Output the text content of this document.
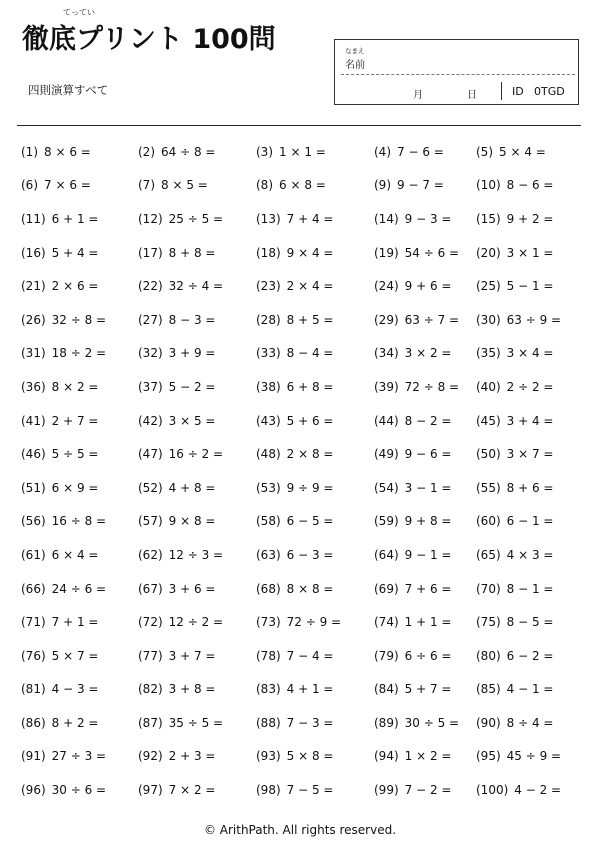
てってい
徹底プリント 100問
四則演算すべて
なまえ
名前
月	日	ID 0TGD
(1) 8 × 6 =	(2) 64 ÷ 8 =	(3) 1 × 1 =	(4) 7 − 6 =	(5) 5 × 4 =
(6) 7 × 6 =	(7) 8 × 5 =	(8) 6 × 8 =	(9) 9 − 7 =	(10) 8 − 6 =
(11) 6 + 1 =	(12) 25 ÷ 5 =	(13) 7 + 4 =	(14) 9 − 3 = (15) 9 + 2 =
(16) 5 + 4 =	(17) 8 + 8 =	(18) 9 × 4 =	(19) 54 ÷ 6 = (20) 3 × 1 =
(21) 2 × 6 =	(22) 32 ÷ 4 =	(23) 2 × 4 =	(24) 9 + 6 = (25) 5 − 1 =
(26) 32 ÷ 8 =	(27) 8 − 3 =	(28) 8 + 5 =	(29) 63 ÷ 7 = (30) 63 ÷ 9 =
(31) 18 ÷ 2 =	(32) 3 + 9 =	(33) 8 − 4 =	(34) 3 × 2 = (35) 3 × 4 =
(36) 8 × 2 =	(37) 5 − 2 =	(38) 6 + 8 =	(39) 72 ÷ 8 = (40) 2 ÷ 2 =
(41) 2 + 7 =	(42) 3 × 5 =	(43) 5 + 6 =	(44) 8 − 2 = (45) 3 + 4 =
(46) 5 ÷ 5 =	(47) 16 ÷ 2 =	(48) 2 × 8 =	(49) 9 − 6 = (50) 3 × 7 =
(51) 6 × 9 =	(52) 4 + 8 =	(53) 9 ÷ 9 =	(54) 3 − 1 = (55) 8 + 6 =
(56) 16 ÷ 8 =	(57) 9 × 8 =	(58) 6 − 5 =	(59) 9 + 8 = (60) 6 − 1 =
(61) 6 × 4 =	(62) 12 ÷ 3 =	(63) 6 − 3 =	(64) 9 − 1 = (65) 4 × 3 =
(66) 24 ÷ 6 =	(67) 3 + 6 =	(68) 8 × 8 =	(69) 7 + 6 = (70) 8 − 1 =
(71) 7 + 1 =	(72) 12 ÷ 2 =	(73) 72 ÷ 9 =	(74) 1 + 1 = (75) 8 − 5 =
(76) 5 × 7 =	(77) 3 + 7 =	(78) 7 − 4 =	(79) 6 ÷ 6 = (80) 6 − 2 =
(81) 4 − 3 =	(82) 3 + 8 =	(83) 4 + 1 =	(84) 5 + 7 = (85) 4 − 1 =
(86) 8 + 2 =	(87) 35 ÷ 5 =	(88) 7 − 3 =	(89) 30 ÷ 5 = (90) 8 ÷ 4 =
(91) 27 ÷ 3 =	(92) 2 + 3 =	(93) 5 × 8 =	(94) 1 × 2 = (95) 45 ÷ 9 =
(96) 30 ÷ 6 =	(97) 7 × 2 =	(98) 7 − 5 =	(99) 7 − 2 = (100) 4 − 2 =
© ArithPath. All rights reserved.
